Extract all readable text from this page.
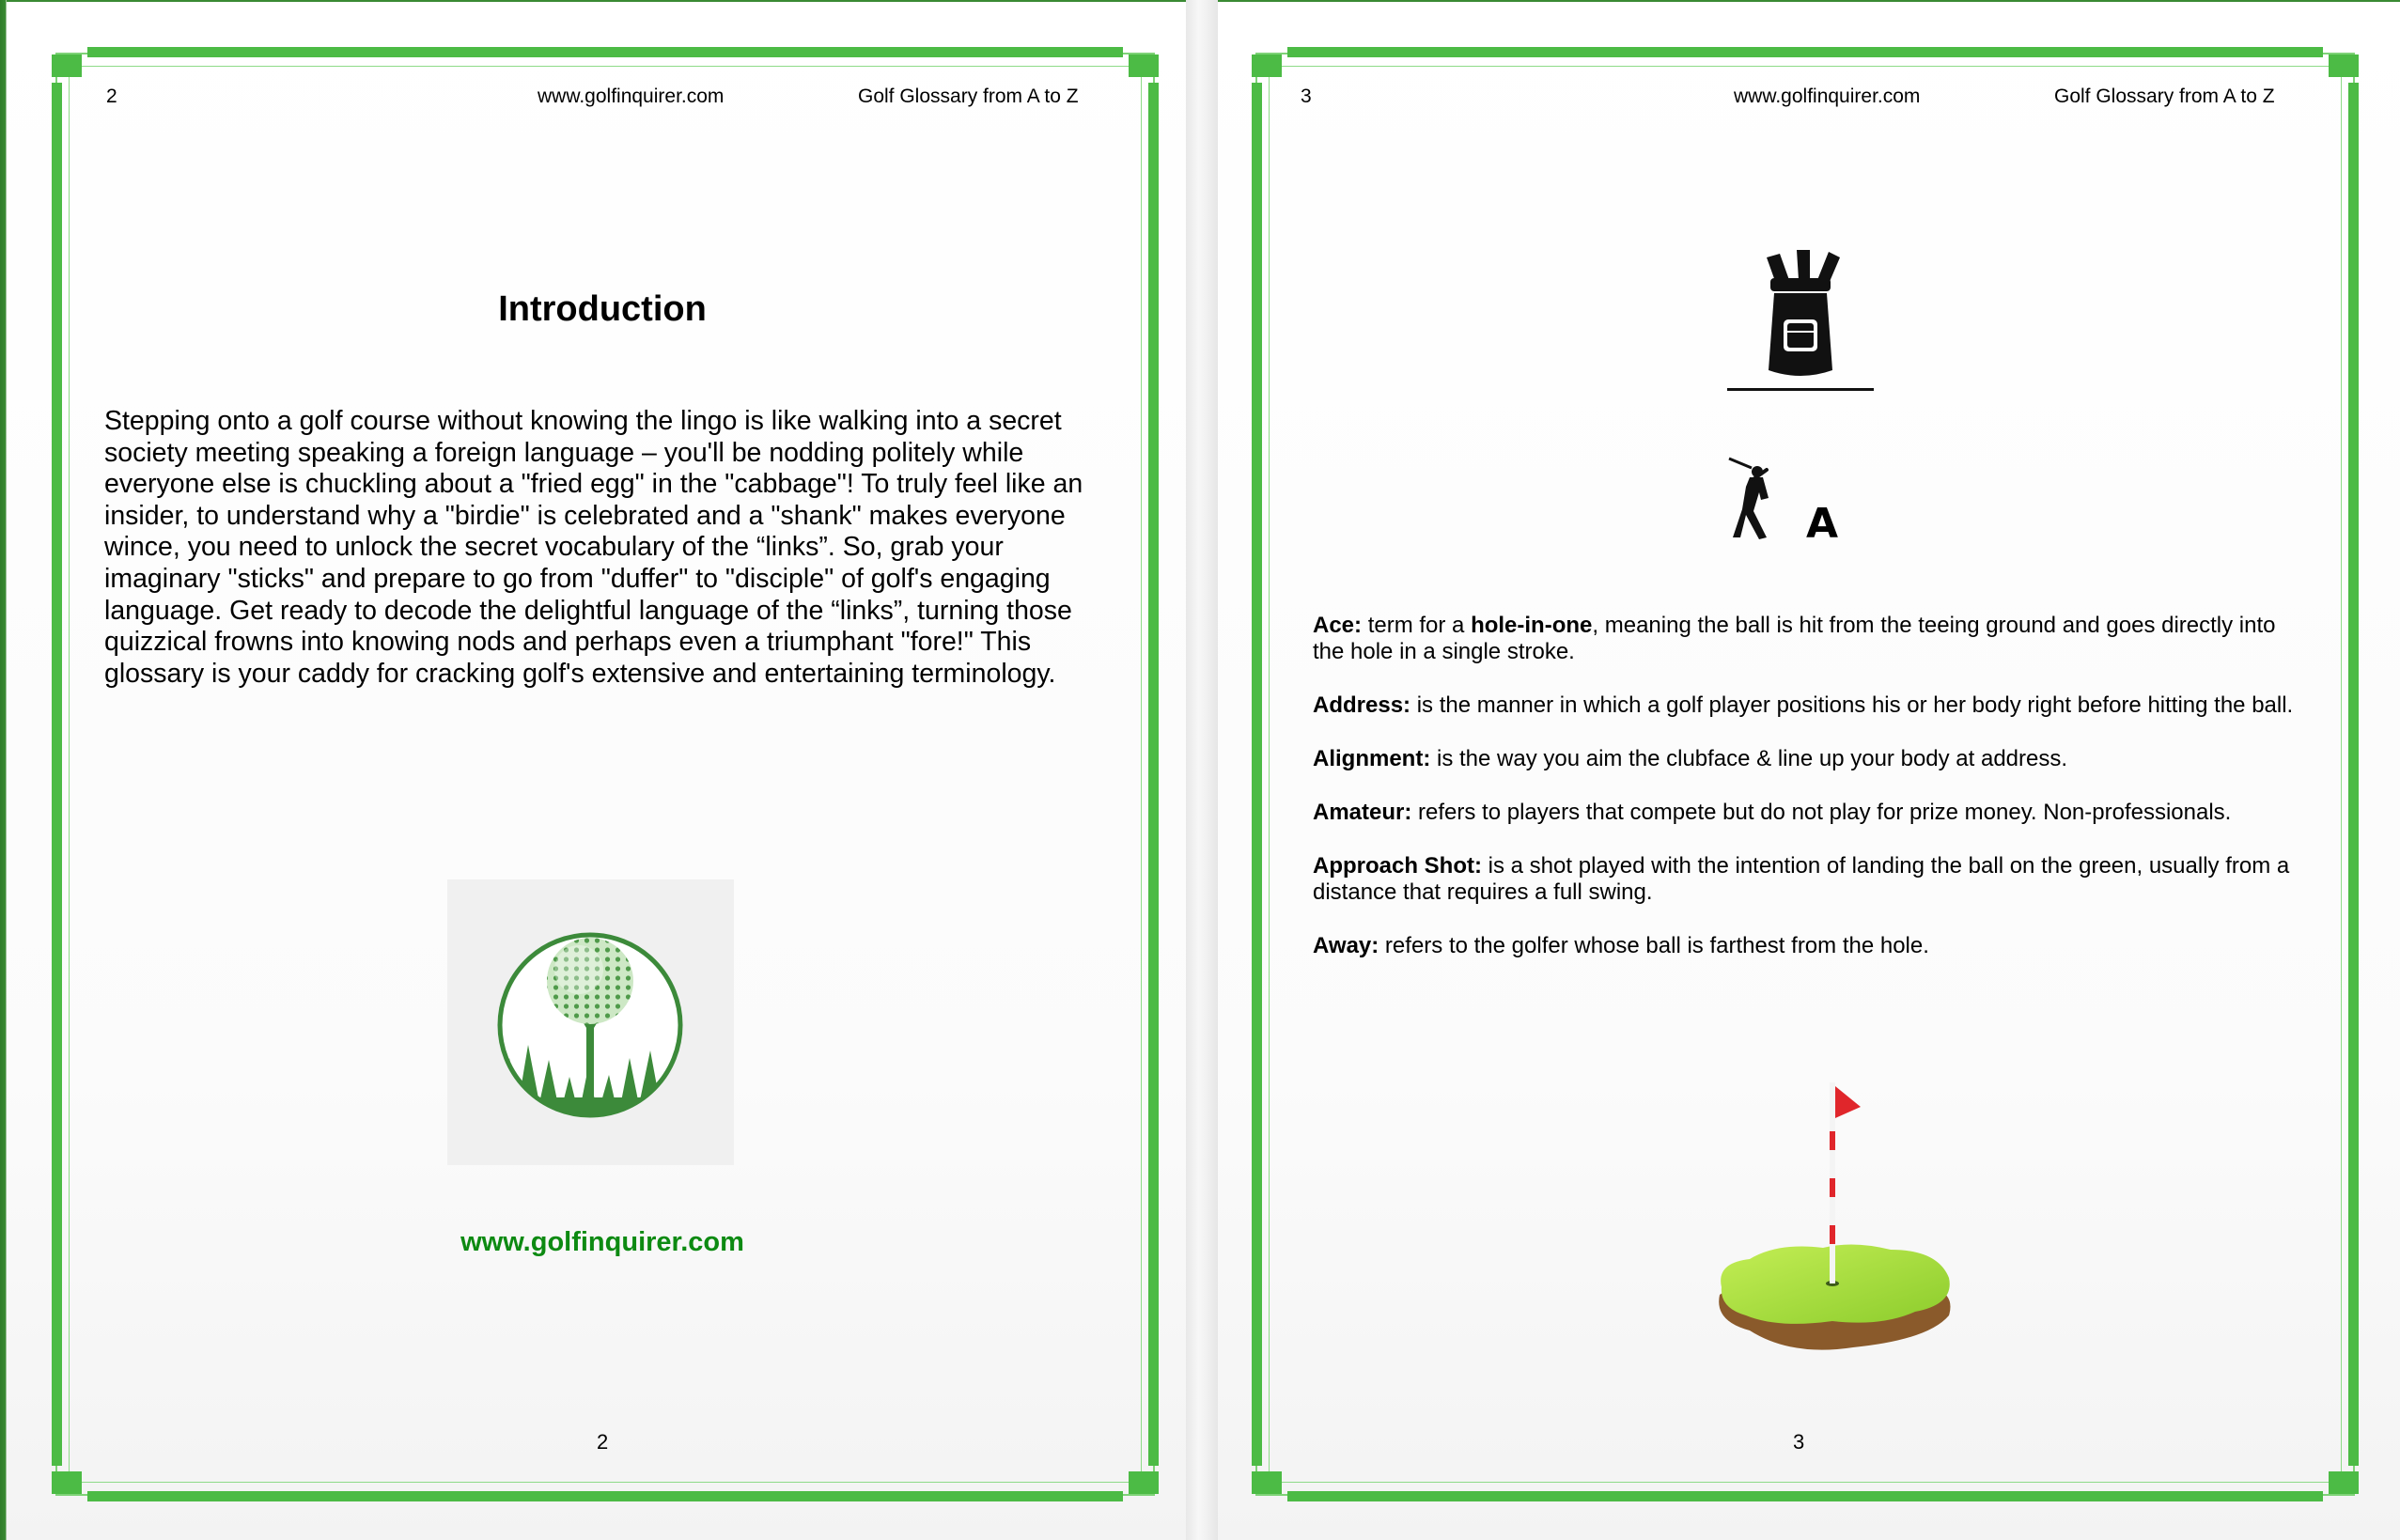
2	www.golfinquirer.com	Golf Glossary from A to Z
Introduction
Stepping onto a golf course without knowing the lingo is like walking into a secret society meeting speaking a foreign language – you'll be nodding politely while everyone else is chuckling about a "fried egg" in the "cabbage"! To truly feel like an insider, to understand why a "birdie" is celebrated and a "shank" makes everyone wince, you need to unlock the secret vocabulary of the “links”. So, grab your imaginary "sticks" and prepare to go from "duffer" to "disciple" of golf's engaging language. Get ready to decode the delightful language of the “links”, turning those quizzical frowns into knowing nods and perhaps even a triumphant "fore!" This glossary is your caddy for cracking golf's extensive and entertaining terminology.
www.golfinquirer.com
2
3	www.golfinquirer.com	Golf Glossary from A to Z
A

Ace: term for a hole-in-one, meaning the ball is hit from the teeing ground and goes directly into the hole in a single stroke.

Address: is the manner in which a golf player positions his or her body right before hitting the ball.

Alignment: is the way you aim the clubface & line up your body at address.

Amateur: refers to players that compete but do not play for prize money. Non-professionals.

Approach Shot: is a shot played with the intention of landing the ball on the green, usually from a distance that requires a full swing.

Away: refers to the golfer whose ball is farthest from the hole.

3
